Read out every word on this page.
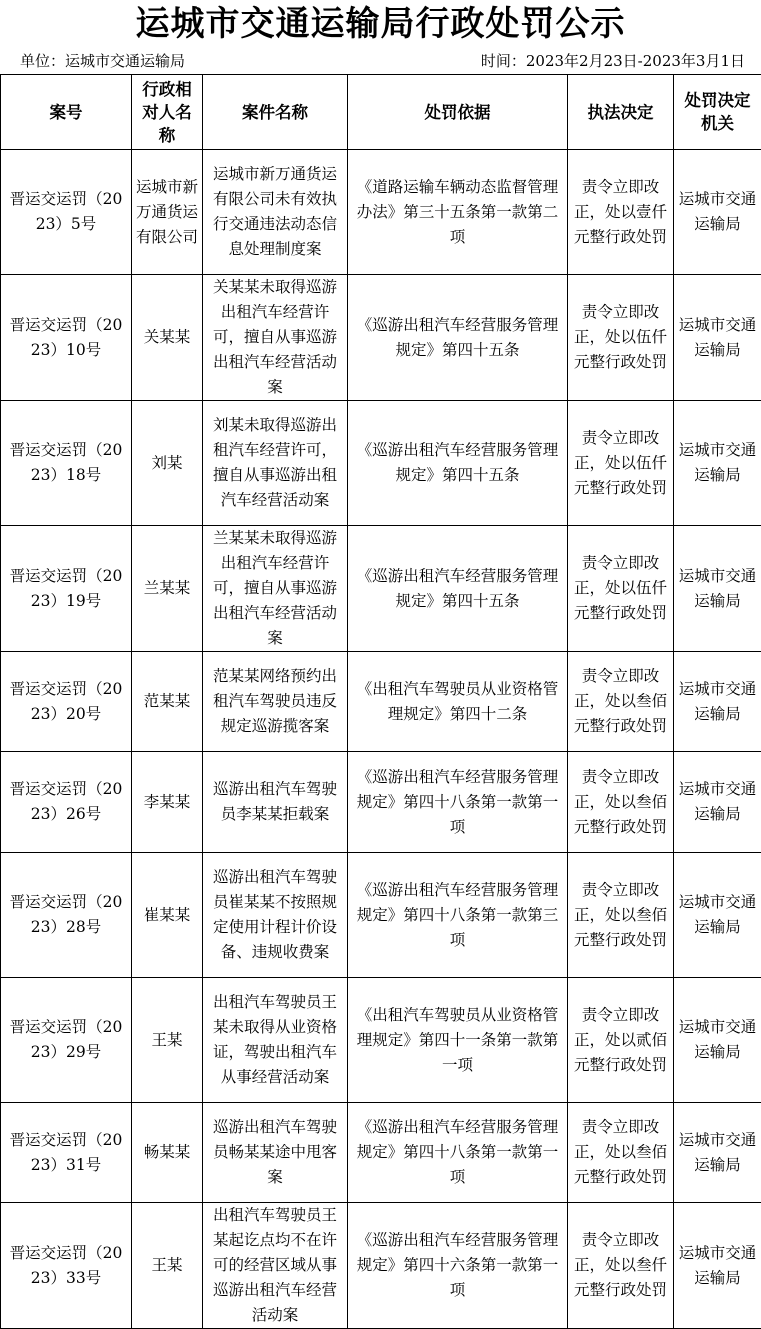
运城市交通运输局行政处罚公示
单位：运城市交通运输局	时间：2023年2月23日-2023年3月1日
案号	行政相对人名称	案件名称	处罚依据	执法决定	处罚决定机关
晋运交运罚（2023）5号	运城市新万通货运有限公司	运城市新万通货运有限公司未有效执行交通违法动态信息处理制度案	《道路运输车辆动态监督管理办法》第三十五条第一款第二项	责令立即改正，处以壹仟元整行政处罚	运城市交通运输局
晋运交运罚（2023）10号	关某某	关某某未取得巡游出租汽车经营许可，擅自从事巡游出租汽车经营活动案	《巡游出租汽车经营服务管理规定》第四十五条	责令立即改正，处以伍仟元整行政处罚	运城市交通运输局
晋运交运罚（2023）18号	刘某	刘某未取得巡游出租汽车经营许可，擅自从事巡游出租汽车经营活动案	《巡游出租汽车经营服务管理规定》第四十五条	责令立即改正，处以伍仟元整行政处罚	运城市交通运输局
晋运交运罚（2023）19号	兰某某	兰某某未取得巡游出租汽车经营许可，擅自从事巡游出租汽车经营活动案	《巡游出租汽车经营服务管理规定》第四十五条	责令立即改正，处以伍仟元整行政处罚	运城市交通运输局
晋运交运罚（2023）20号	范某某	范某某网络预约出租汽车驾驶员违反规定巡游揽客案	《出租汽车驾驶员从业资格管理规定》第四十二条	责令立即改正，处以叁佰元整行政处罚	运城市交通运输局
晋运交运罚（2023）26号	李某某	巡游出租汽车驾驶员李某某拒载案	《巡游出租汽车经营服务管理规定》第四十八条第一款第一项	责令立即改正，处以叁佰元整行政处罚	运城市交通运输局
晋运交运罚（2023）28号	崔某某	巡游出租汽车驾驶员崔某某不按照规定使用计程计价设备、违规收费案	《巡游出租汽车经营服务管理规定》第四十八条第一款第三项	责令立即改正，处以叁佰元整行政处罚	运城市交通运输局
晋运交运罚（2023）29号	王某	出租汽车驾驶员王某未取得从业资格证，驾驶出租汽车从事经营活动案	《出租汽车驾驶员从业资格管理规定》第四十一条第一款第一项	责令立即改正，处以贰佰元整行政处罚	运城市交通运输局
晋运交运罚（2023）31号	畅某某	巡游出租汽车驾驶员畅某某途中甩客案	《巡游出租汽车经营服务管理规定》第四十八条第一款第一项	责令立即改正，处以叁佰元整行政处罚	运城市交通运输局
晋运交运罚（2023）33号	王某	出租汽车驾驶员王某起讫点均不在许可的经营区域从事巡游出租汽车经营活动案	《巡游出租汽车经营服务管理规定》第四十六条第一款第一项	责令立即改正，处以叁仟元整行政处罚	运城市交通运输局
